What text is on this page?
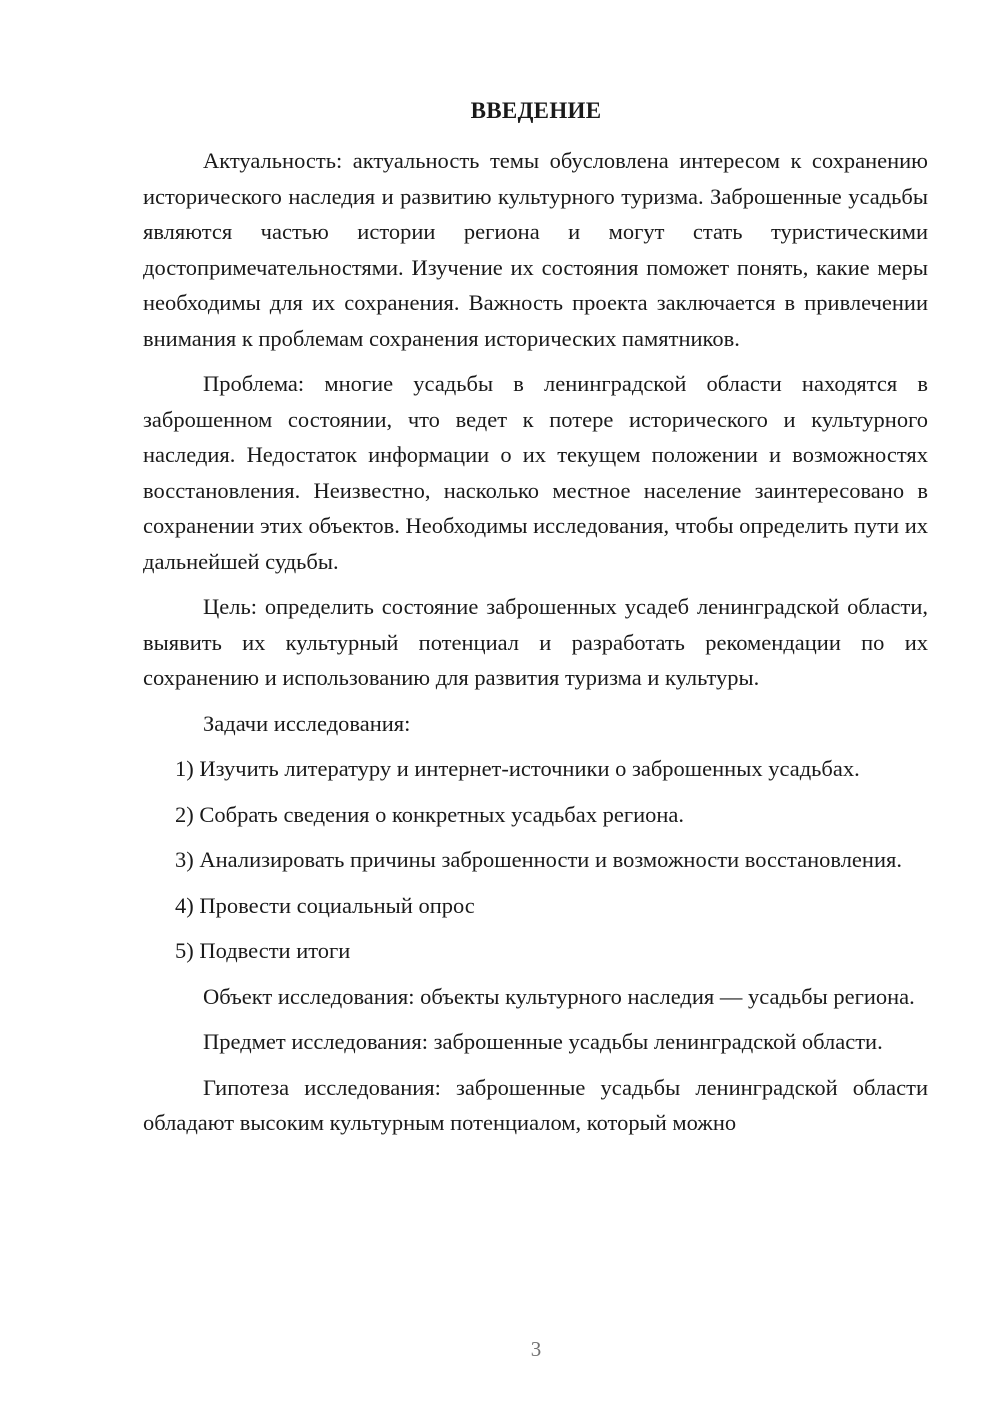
ВВЕДЕНИЕ

Актуальность: актуальность темы обусловлена интересом к сохранению исторического наследия и развитию культурного туризма. Заброшенные усадьбы являются частью истории региона и могут стать туристическими достопримечательностями. Изучение их состояния поможет понять, какие меры необходимы для их сохранения. Важность проекта заключается в привлечении внимания к проблемам сохранения исторических памятников.

Проблема: многие усадьбы в ленинградской области находятся в заброшенном состоянии, что ведет к потере исторического и культурного наследия. Недостаток информации о их текущем положении и возможностях восстановления. Неизвестно, насколько местное население заинтересовано в сохранении этих объектов. Необходимы исследования, чтобы определить пути их дальнейшей судьбы.

Цель: определить состояние заброшенных усадеб ленинградской области, выявить их культурный потенциал и разработать рекомендации по их сохранению и использованию для развития туризма и культуры.

Задачи исследования:

1) Изучить литературу и интернет-источники о заброшенных усадьбах.

2) Собрать сведения о конкретных усадьбах региона.

3) Анализировать причины заброшенности и возможности восстановления.

4) Провести социальный опрос

5) Подвести итоги

Объект исследования: объекты культурного наследия — усадьбы региона.

Предмет исследования: заброшенные усадьбы ленинградской области.

Гипотеза исследования: заброшенные усадьбы ленинградской области обладают высоким культурным потенциалом, который можно

3
